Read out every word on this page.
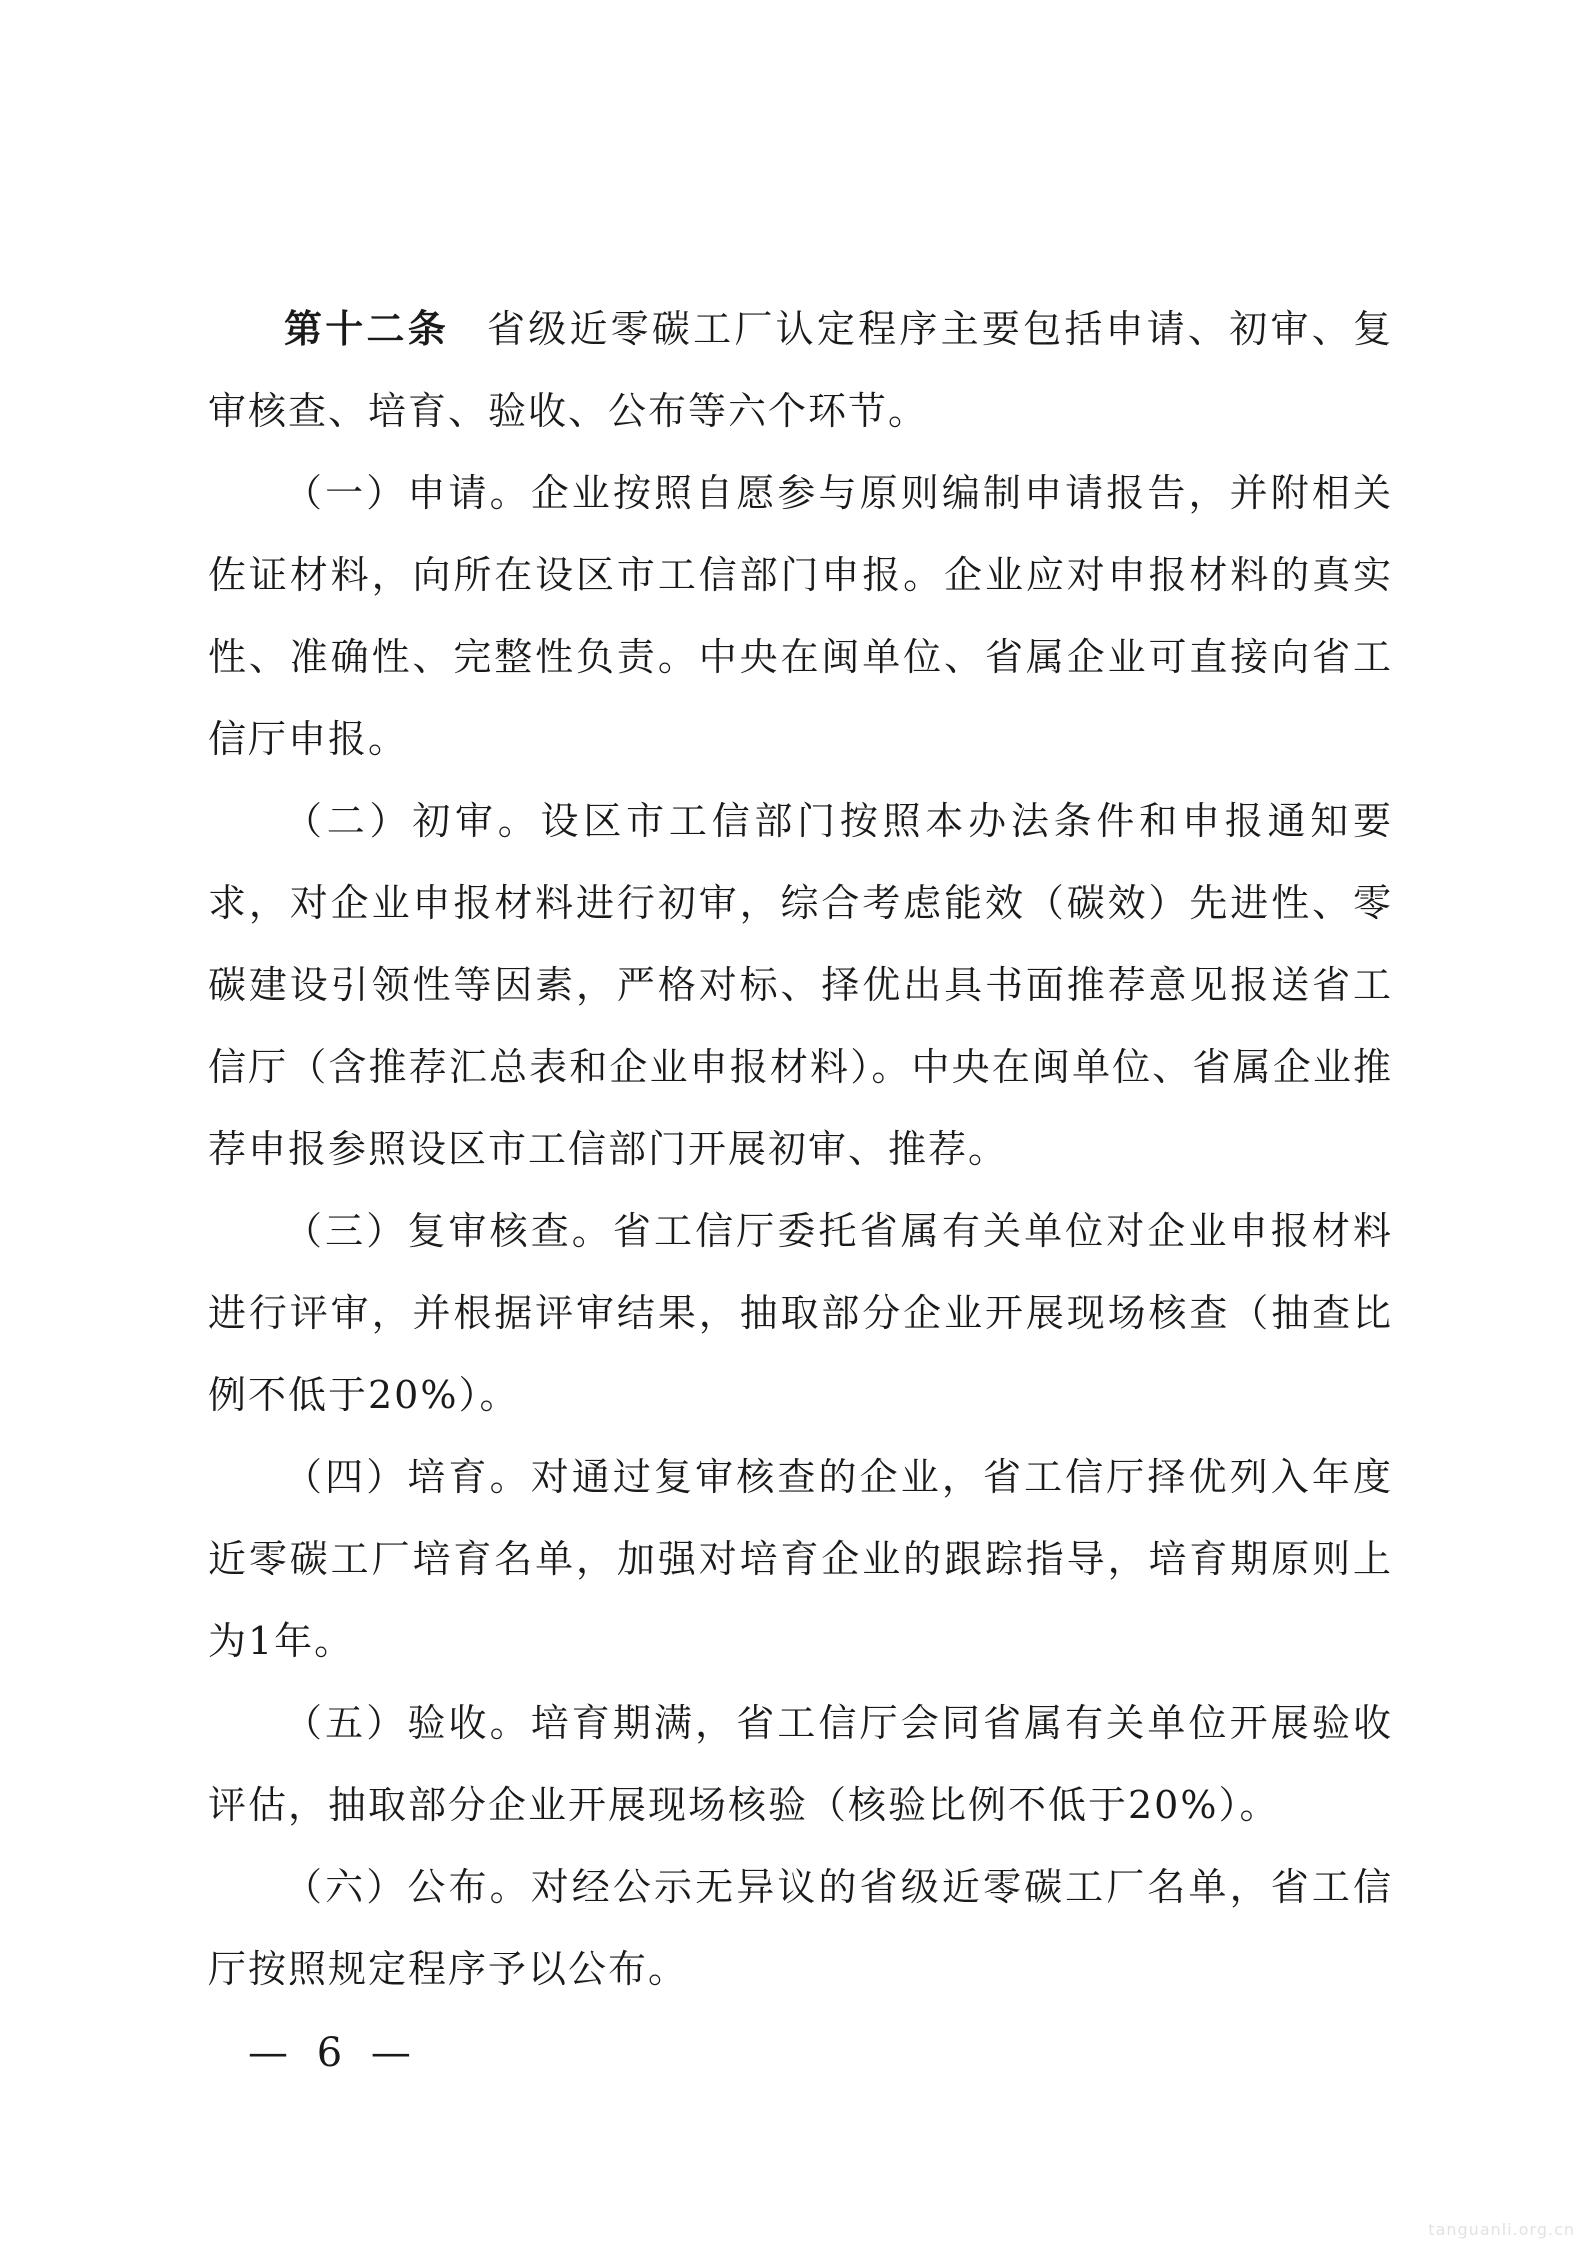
第十二条 省级近零碳工厂认定程序主要包括申请、初审、复审核查、培育、验收、公布等六个环节。

（一）申请。企业按照自愿参与原则编制申请报告，并附相关佐证材料，向所在设区市工信部门申报。企业应对申报材料的真实性、准确性、完整性负责。中央在闽单位、省属企业可直接向省工信厅申报。

（二）初审。设区市工信部门按照本办法条件和申报通知要求，对企业申报材料进行初审，综合考虑能效（碳效）先进性、零碳建设引领性等因素，严格对标、择优出具书面推荐意见报送省工信厅（含推荐汇总表和企业申报材料）。中央在闽单位、省属企业推荐申报参照设区市工信部门开展初审、推荐。

（三）复审核查。省工信厅委托省属有关单位对企业申报材料进行评审，并根据评审结果，抽取部分企业开展现场核查（抽查比例不低于20%）。

（四）培育。对通过复审核查的企业，省工信厅择优列入年度近零碳工厂培育名单，加强对培育企业的跟踪指导，培育期原则上为1年。

（五）验收。培育期满，省工信厅会同省属有关单位开展验收评估，抽取部分企业开展现场核验（核验比例不低于20%）。

（六）公布。对经公示无异议的省级近零碳工厂名单，省工信厅按照规定程序予以公布。

— 6 —
tanguanli.org.cn
